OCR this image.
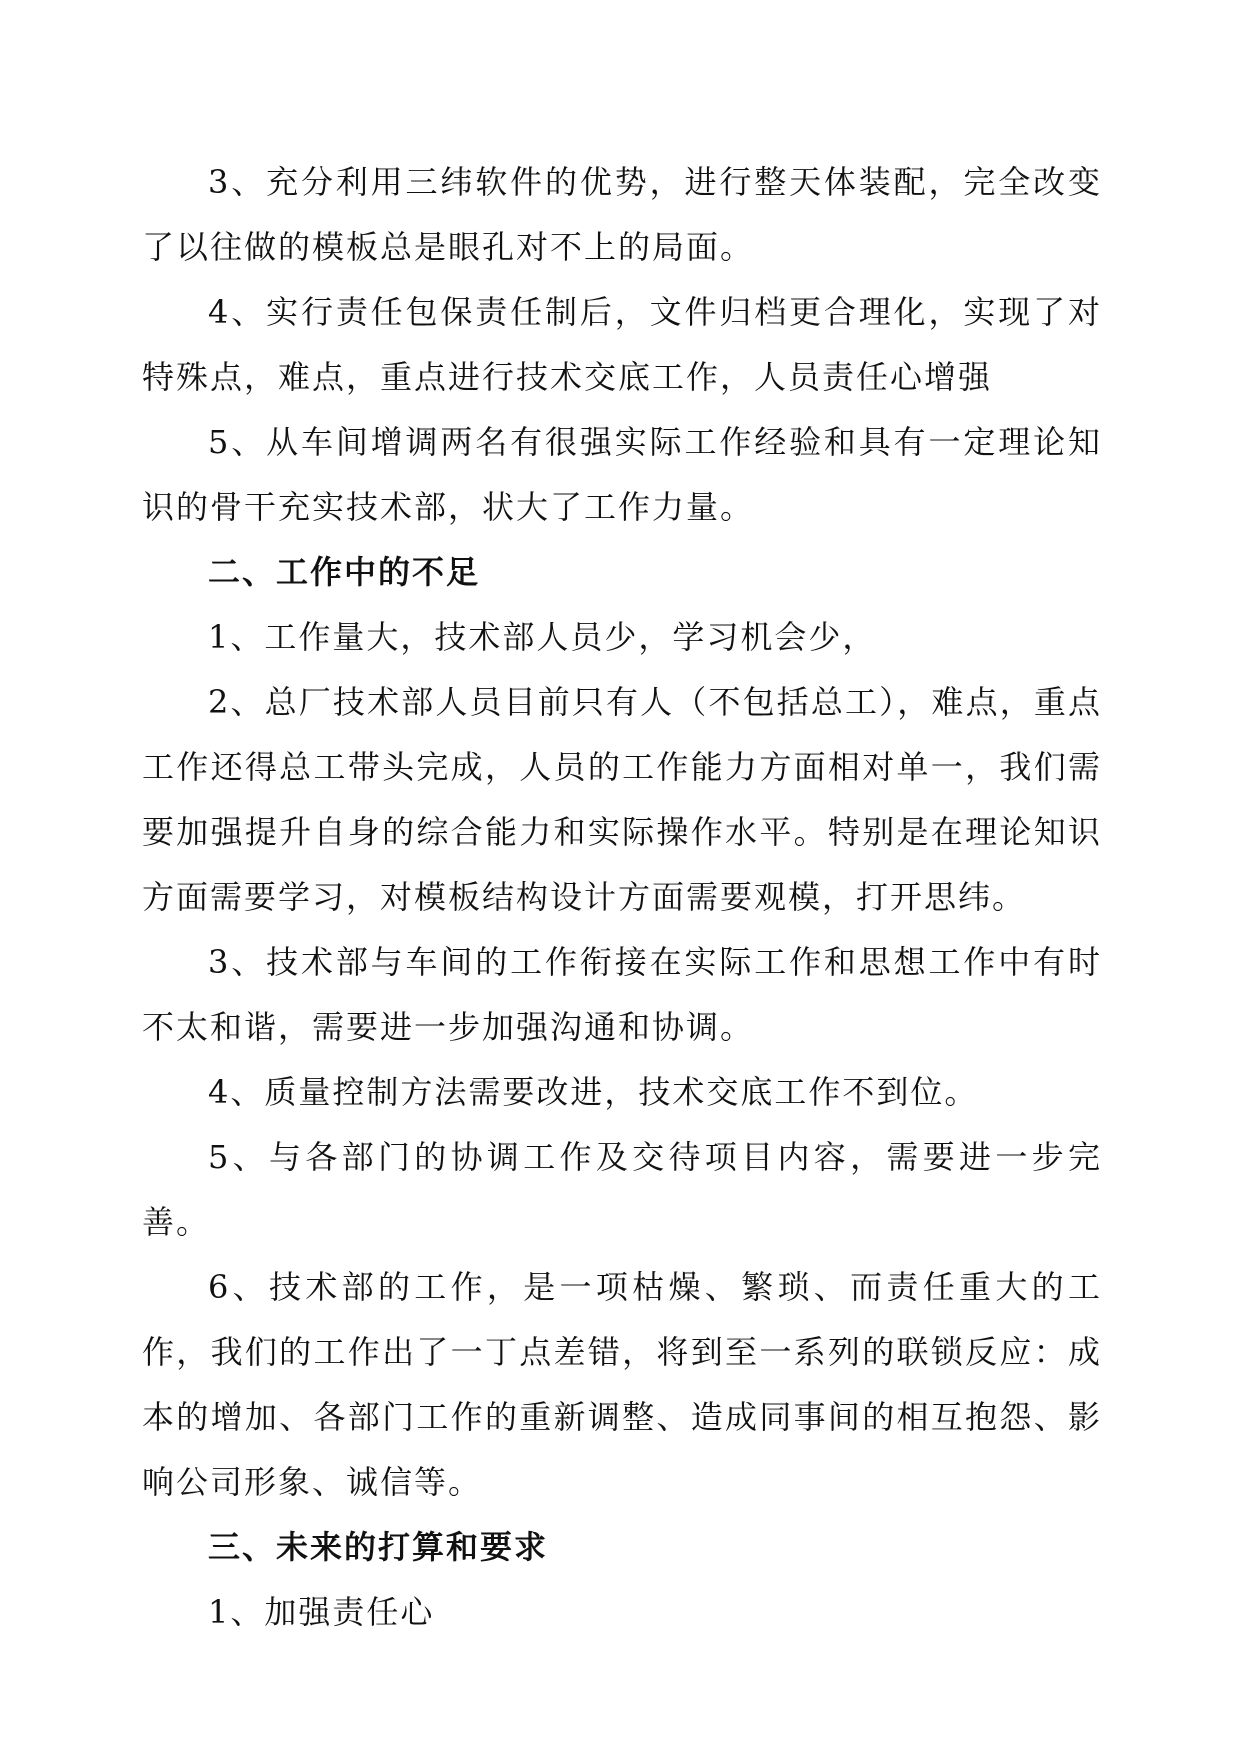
3、充分利用三纬软件的优势，进行整天体装配，完全改变了以往做的模板总是眼孔对不上的局面。

4、实行责任包保责任制后，文件归档更合理化，实现了对特殊点，难点，重点进行技术交底工作，人员责任心增强

5、从车间增调两名有很强实际工作经验和具有一定理论知识的骨干充实技术部，状大了工作力量。

二、工作中的不足

1、工作量大，技术部人员少，学习机会少，

2、总厂技术部人员目前只有人（不包括总工），难点，重点工作还得总工带头完成，人员的工作能力方面相对单一，我们需要加强提升自身的综合能力和实际操作水平。特别是在理论知识方面需要学习，对模板结构设计方面需要观模，打开思纬。

3、技术部与车间的工作衔接在实际工作和思想工作中有时不太和谐，需要进一步加强沟通和协调。

4、质量控制方法需要改进，技术交底工作不到位。

5、与各部门的协调工作及交待项目内容，需要进一步完善。

6、技术部的工作，是一项枯燥、繁琐、而责任重大的工作，我们的工作出了一丁点差错，将到至一系列的联锁反应：成本的增加、各部门工作的重新调整、造成同事间的相互抱怨、影响公司形象、诚信等。

三、未来的打算和要求

1、加强责任心
